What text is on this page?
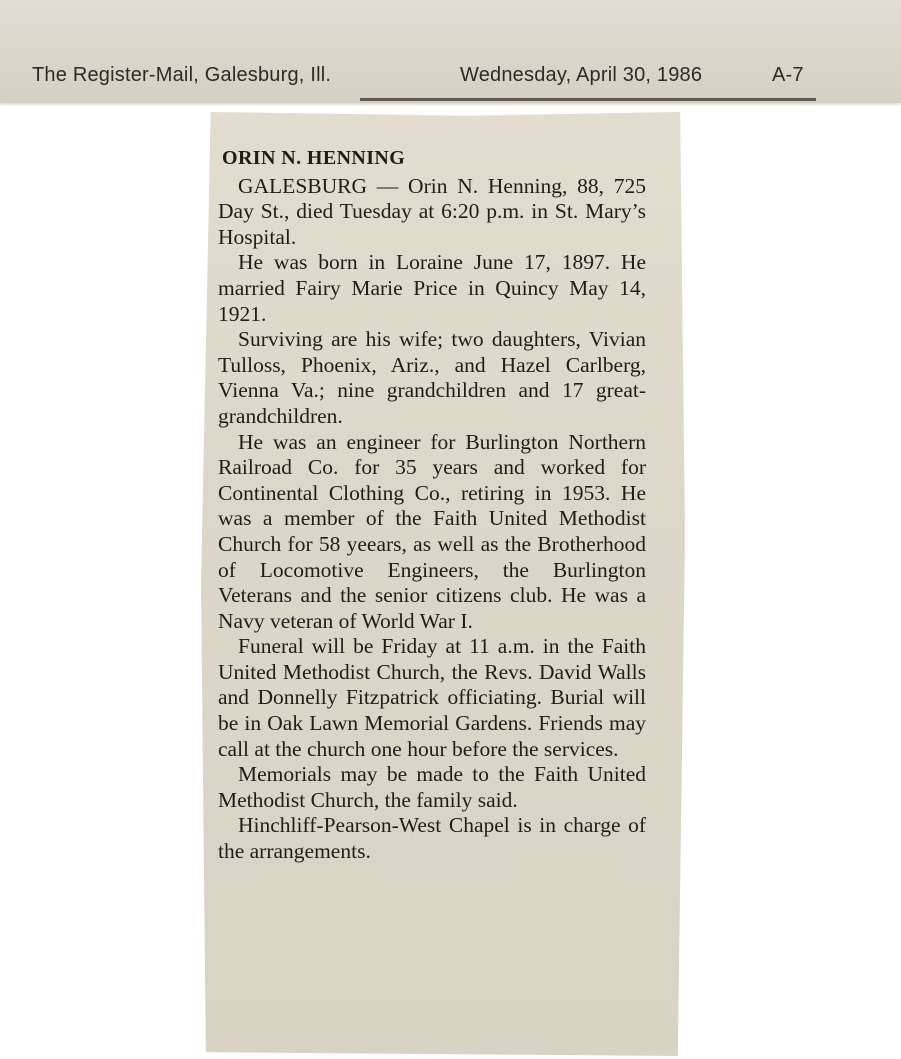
The Register-Mail, Galesburg, Ill.	Wednesday, April 30, 1986	A-7
ORIN N. HENNING

GALESBURG — Orin N. Henning, 88, 725 Day St., died Tuesday at 6:20 p.m. in St. Mary’s Hospital.

He was born in Loraine June 17, 1897. He married Fairy Marie Price in Quincy May 14, 1921.

Surviving are his wife; two daughters, Vivian Tulloss, Phoenix, Ariz., and Hazel Carlberg, Vienna Va.; nine grandchildren and 17 great-grandchildren.

He was an engineer for Burlington Northern Railroad Co. for 35 years and worked for Continental Clothing Co., retiring in 1953. He was a member of the Faith United Methodist Church for 58 yeears, as well as the Brotherhood of Locomotive Engineers, the Burlington Veterans and the senior citizens club. He was a Navy veteran of World War I.

Funeral will be Friday at 11 a.m. in the Faith United Methodist Church, the Revs. David Walls and Donnelly Fitzpatrick officiating. Burial will be in Oak Lawn Memorial Gardens. Friends may call at the church one hour before the services.

Memorials may be made to the Faith United Methodist Church, the family said.

Hinchliff-Pearson-West Chapel is in charge of the arrangements.
